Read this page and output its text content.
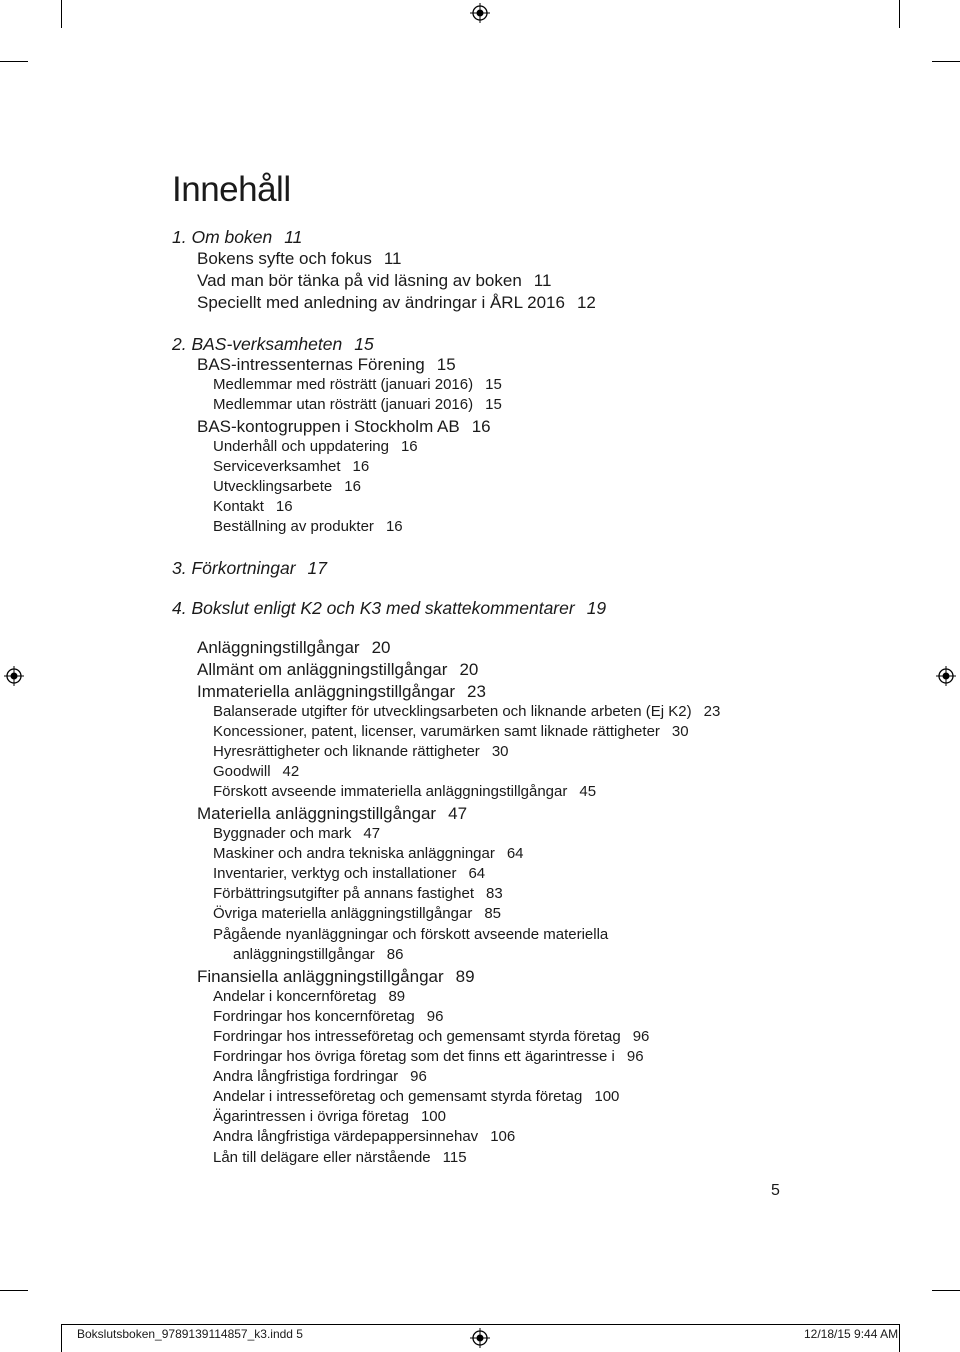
Innehåll
1. Om boken 11
Bokens syfte och fokus 11
Vad man bör tänka på vid läsning av boken 11
Speciellt med anledning av ändringar i ÅRL 2016 12
2. BAS-verksamheten 15
BAS-intressenternas Förening 15
Medlemmar med rösträtt (januari 2016) 15
Medlemmar utan rösträtt (januari 2016) 15
BAS-kontogruppen i Stockholm AB 16
Underhåll och uppdatering 16
Serviceverksamhet 16
Utvecklingsarbete 16
Kontakt 16
Beställning av produkter 16
3. Förkortningar 17
4. Bokslut enligt K2 och K3 med skattekommentarer 19
Anläggningstillgångar 20
Allmänt om anläggningstillgångar 20
Immateriella anläggningstillgångar 23
Balanserade utgifter för utvecklingsarbeten och liknande arbeten (Ej K2) 23
Koncessioner, patent, licenser, varumärken samt liknade rättigheter 30
Hyresrättigheter och liknande rättigheter 30
Goodwill 42
Förskott avseende immateriella anläggningstillgångar 45
Materiella anläggningstillgångar 47
Byggnader och mark 47
Maskiner och andra tekniska anläggningar 64
Inventarier, verktyg och installationer 64
Förbättringsutgifter på annans fastighet 83
Övriga materiella anläggningstillgångar 85
Pågående nyanläggningar och förskott avseende materiella
anläggningstillgångar 86
Finansiella anläggningstillgångar 89
Andelar i koncernföretag 89
Fordringar hos koncernföretag 96
Fordringar hos intresseföretag och gemensamt styrda företag 96
Fordringar hos övriga företag som det finns ett ägarintresse i 96
Andra långfristiga fordringar 96
Andelar i intresseföretag och gemensamt styrda företag 100
Ägarintressen i övriga företag 100
Andra långfristiga värdepappersinnehav 106
Lån till delägare eller närstående 115
5
Bokslutsboken_9789139114857_k3.indd 5	12/18/15 9:44 AM
